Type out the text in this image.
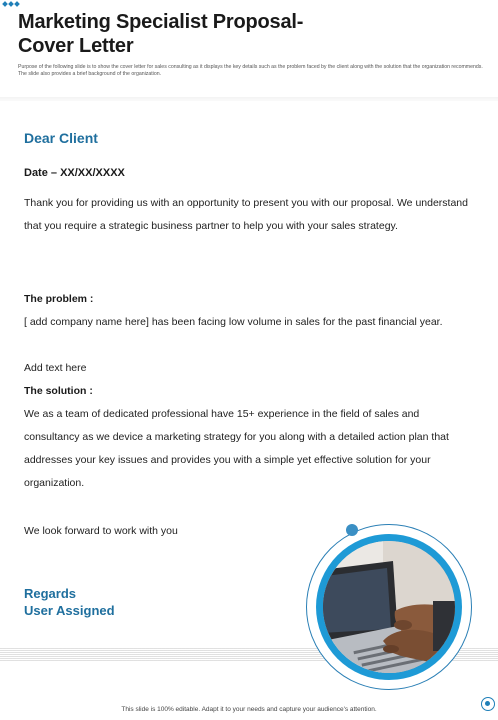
Marketing Specialist Proposal-
Cover Letter
Purpose of the following slide is to show the cover letter for sales consulting as it displays the key details such as the problem faced by the client along with the solution that the organization recommends. The slide also provides a brief background of the organization.
Dear Client
Date – XX/XX/XXXX
Thank you for providing us with an opportunity to present you with our proposal. We understand that you require a strategic business partner to help you with your sales strategy.
The problem :
[ add company name here] has been facing low volume in sales for the past financial year.
Add text here
The solution :
We as a team of dedicated professional have 15+ experience in the field of sales and consultancy as we device a marketing strategy for you along with a detailed action plan that addresses your key issues and provides you with a simple yet effective solution for your organization.
We look forward to work with you
Regards
User Assigned
This slide is 100% editable. Adapt it to your needs and capture your audience's attention.
